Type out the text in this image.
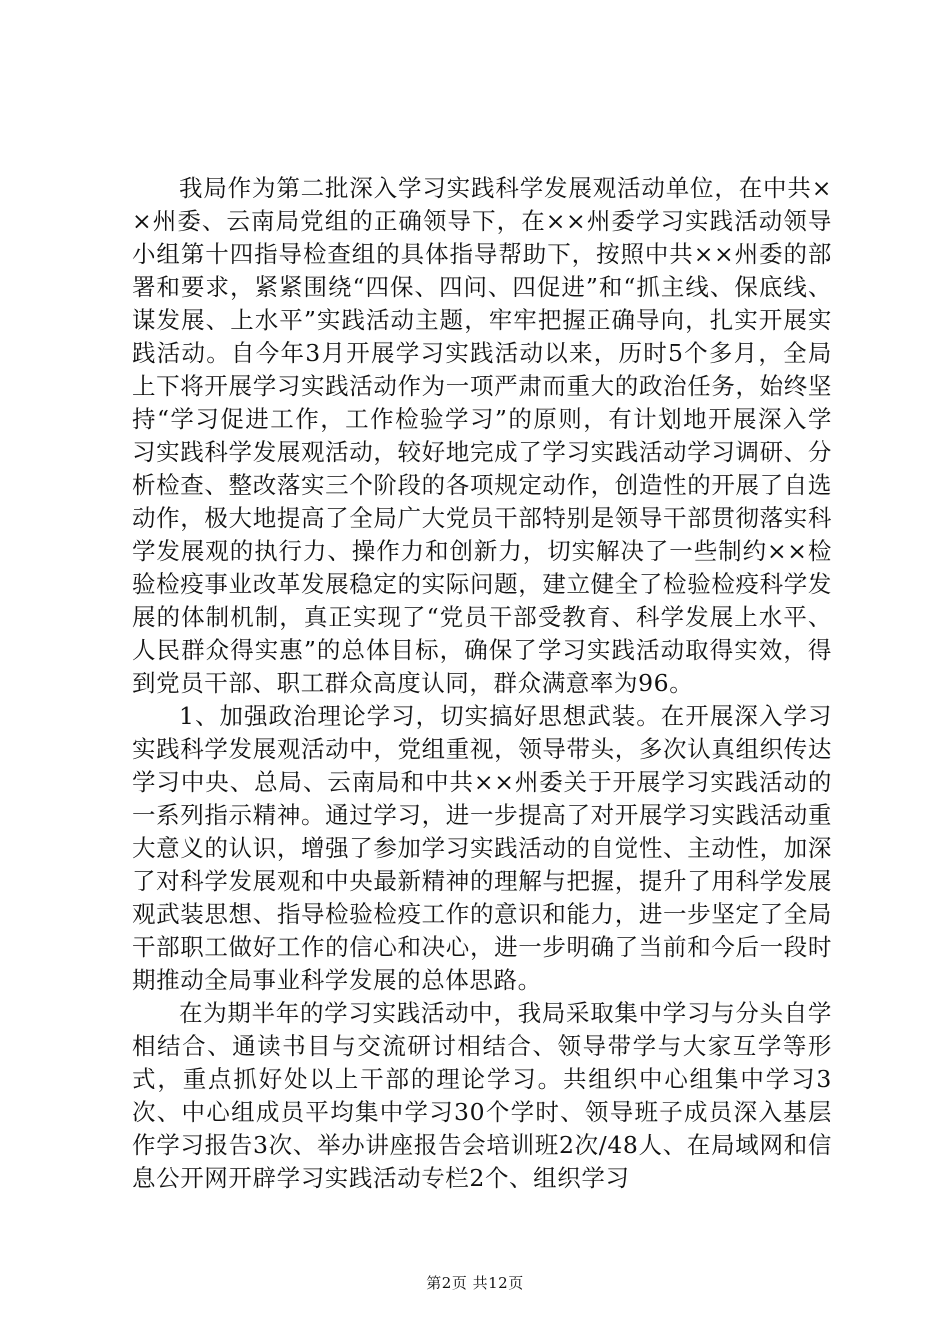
我局作为第二批深入学习实践科学发展观活动单位，在中共××州委、云南局党组的正确领导下，在××州委学习实践活动领导小组第十四指导检查组的具体指导帮助下，按照中共××州委的部署和要求，紧紧围绕“四保、四问、四促进”和“抓主线、保底线、谋发展、上水平”实践活动主题，牢牢把握正确导向，扎实开展实践活动。自今年3月开展学习实践活动以来，历时5个多月，全局上下将开展学习实践活动作为一项严肃而重大的政治任务，始终坚持“学习促进工作，工作检验学习”的原则，有计划地开展深入学习实践科学发展观活动，较好地完成了学习实践活动学习调研、分析检查、整改落实三个阶段的各项规定动作，创造性的开展了自选动作，极大地提高了全局广大党员干部特别是领导干部贯彻落实科学发展观的执行力、操作力和创新力，切实解决了一些制约××检验检疫事业改革发展稳定的实际问题，建立健全了检验检疫科学发展的体制机制，真正实现了“党员干部受教育、科学发展上水平、人民群众得实惠”的总体目标，确保了学习实践活动取得实效，得到党员干部、职工群众高度认同，群众满意率为96。

1、加强政治理论学习，切实搞好思想武装。在开展深入学习实践科学发展观活动中，党组重视，领导带头，多次认真组织传达学习中央、总局、云南局和中共××州委关于开展学习实践活动的一系列指示精神。通过学习，进一步提高了对开展学习实践活动重大意义的认识，增强了参加学习实践活动的自觉性、主动性，加深了对科学发展观和中央最新精神的理解与把握，提升了用科学发展观武装思想、指导检验检疫工作的意识和能力，进一步坚定了全局干部职工做好工作的信心和决心，进一步明确了当前和今后一段时期推动全局事业科学发展的总体思路。

在为期半年的学习实践活动中，我局采取集中学习与分头自学相结合、通读书目与交流研讨相结合、领导带学与大家互学等形式，重点抓好处以上干部的理论学习。共组织中心组集中学习3次、中心组成员平均集中学习30个学时、领导班子成员深入基层作学习报告3次、举办讲座报告会培训班2次/48人、在局域网和信息公开网开辟学习实践活动专栏2个、组织学习

第2页 共12页
